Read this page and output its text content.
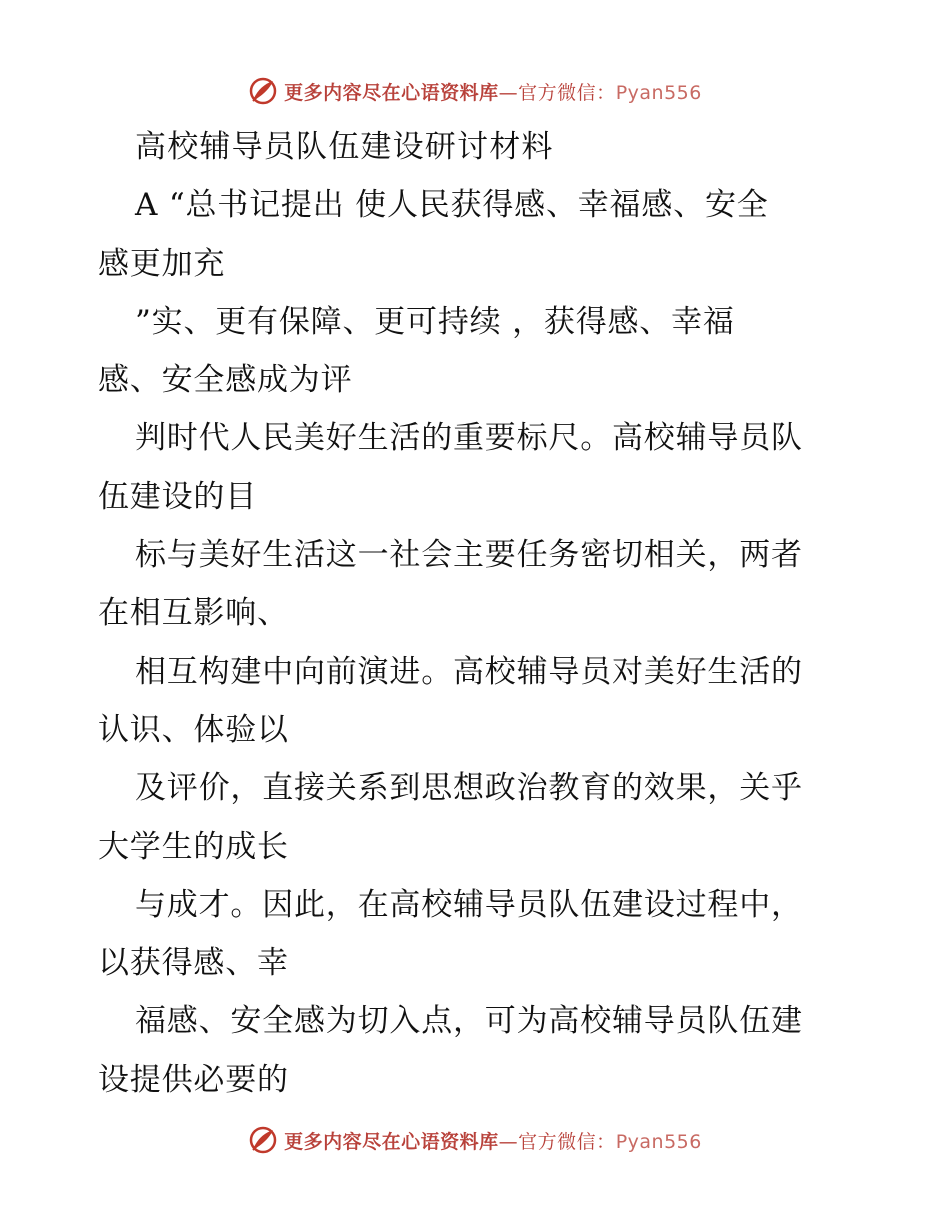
更多内容尽在心语资料库—官方微信：Pyan556
高校辅导员队伍建设研讨材料
A “总书记提出 使人民获得感、幸福感、安全
感更加充
”实、更有保障、更可持续 ，获得感、幸福
感、安全感成为评
判时代人民美好生活的重要标尺。高校辅导员队
伍建设的目
标与美好生活这一社会主要任务密切相关，两者
在相互影响、
相互构建中向前演进。高校辅导员对美好生活的
认识、体验以
及评价，直接关系到思想政治教育的效果，关乎
大学生的成长
与成才。因此，在高校辅导员队伍建设过程中，
以获得感、幸
福感、安全感为切入点，可为高校辅导员队伍建
设提供必要的
更多内容尽在心语资料库—官方微信：Pyan556
